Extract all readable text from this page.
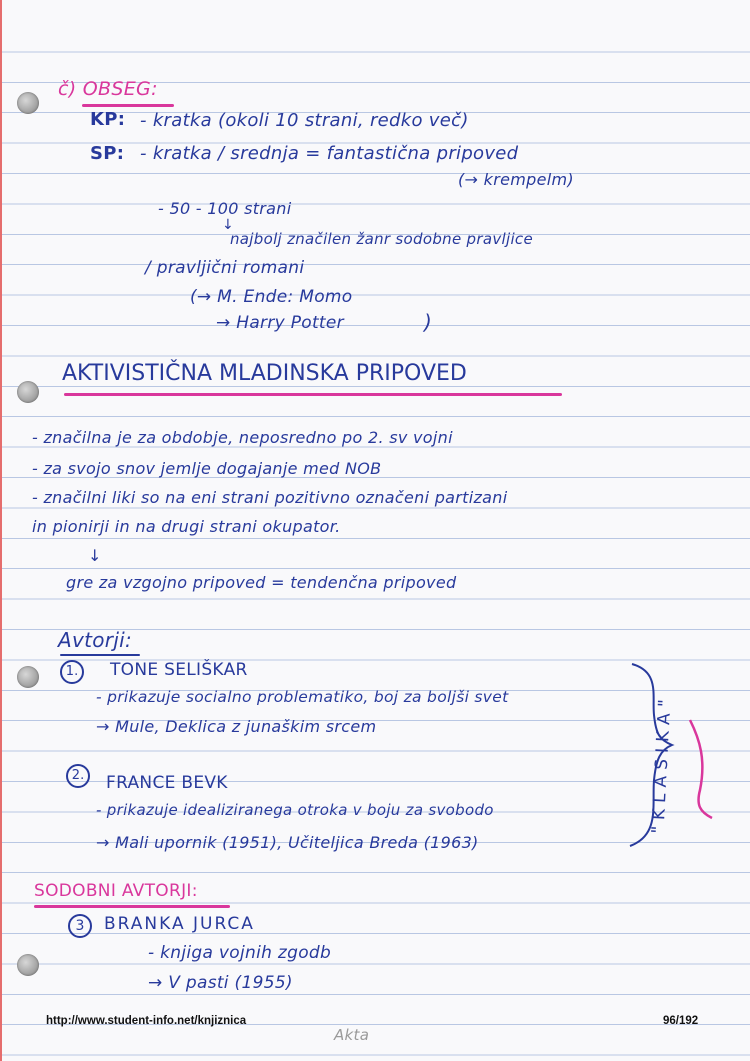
č) OBSEG:
KP: - kratka (okoli 10 strani, redko več)
SP: - kratka / srednja = fantastična pripoved
(→ krempelm)
- 50 - 100 strani
↓
najbolj značilen žanr sodobne pravljice
/ pravljični romani
(→ M. Ende: Momo
→ Harry Potter	)
AKTIVISTIČNA MLADINSKA PRIPOVED
- značilna je za obdobje, neposredno po 2. sv vojni
- za svojo snov jemlje dogajanje med NOB
- značilni liki so na eni strani pozitivno označeni partizani
in pionirji in na drugi strani okupator.
↓
gre za vzgojno pripoved = tendenčna pripoved
Avtorji:
1.	TONE SELIŠKAR
- prikazuje socialno problematiko, boj za boljši svet
→ Mule, Deklica z junaškim srcem
2.	FRANCE BEVK
- prikazuje idealiziranega otroka v boju za svobodo
→ Mali upornik (1951), Učiteljica Breda (1963)
" K L A S I K A "
SODOBNI AVTORJI:
3	BRANKA JURCA
- knjiga vojnih zgodb
→ V pasti (1955)
http://www.student-info.net/knjiznica
Akta
96/192
